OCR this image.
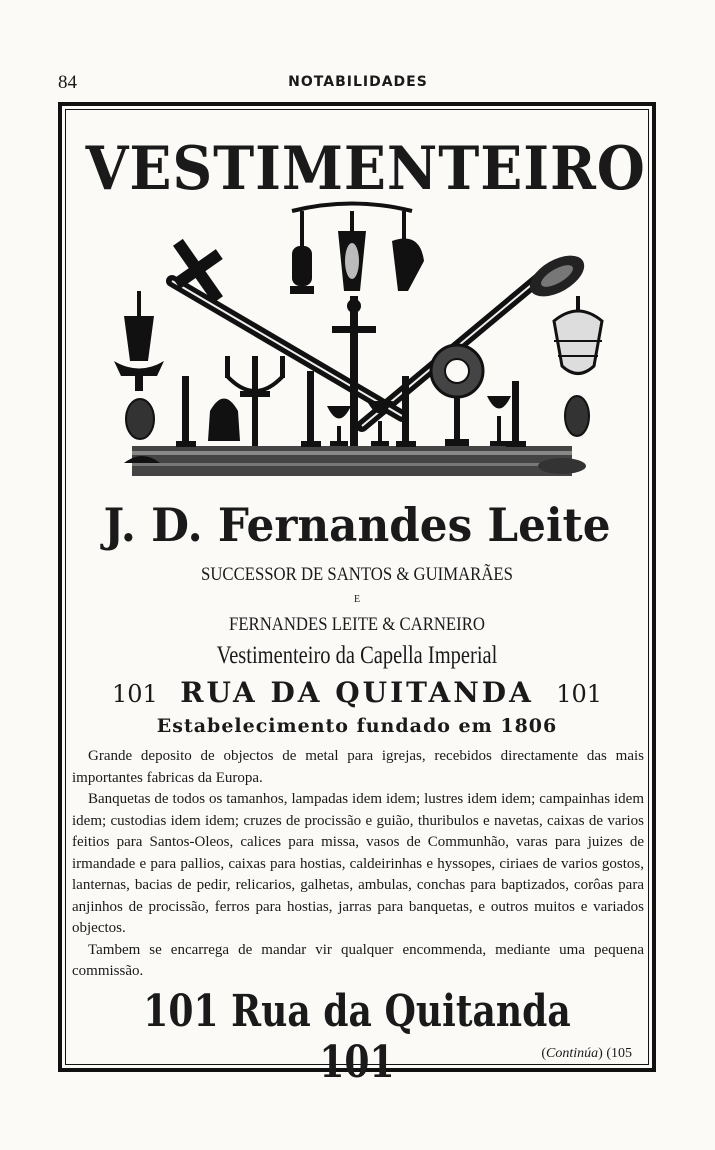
84	NOTABILIDADES
VESTIMENTEIRO
J. D. Fernandes Leite
SUCCESSOR DE SANTOS & GUIMARÃES
E
FERNANDES LEITE & CARNEIRO
Vestimenteiro da Capella Imperial
101 RUA DA QUITANDA 101
Estabelecimento fundado em 1806

Grande deposito de objectos de metal para igrejas, recebidos directamente das mais importantes fabricas da Europa.

Banquetas de todos os tamanhos, lampadas idem idem; lustres idem idem; campainhas idem idem; custodias idem idem; cruzes de procissão e guião, thuribulos e navetas, caixas de varios feitios para Santos-Oleos, calices para missa, vasos de Communhão, varas para juizes de irmandade e para pallios, caixas para hostias, caldeirinhas e hyssopes, ciriaes de varios gostos, lanternas, bacias de pedir, relicarios, galhetas, ambulas, conchas para baptizados, corôas para anjinhos de procissão, ferros para hostias, jarras para banquetas, e outros muitos e variados objectos.

Tambem se encarrega de mandar vir qualquer encommenda, mediante uma pequena commissão.

101 Rua da Quitanda 101	(Continúa) (105
